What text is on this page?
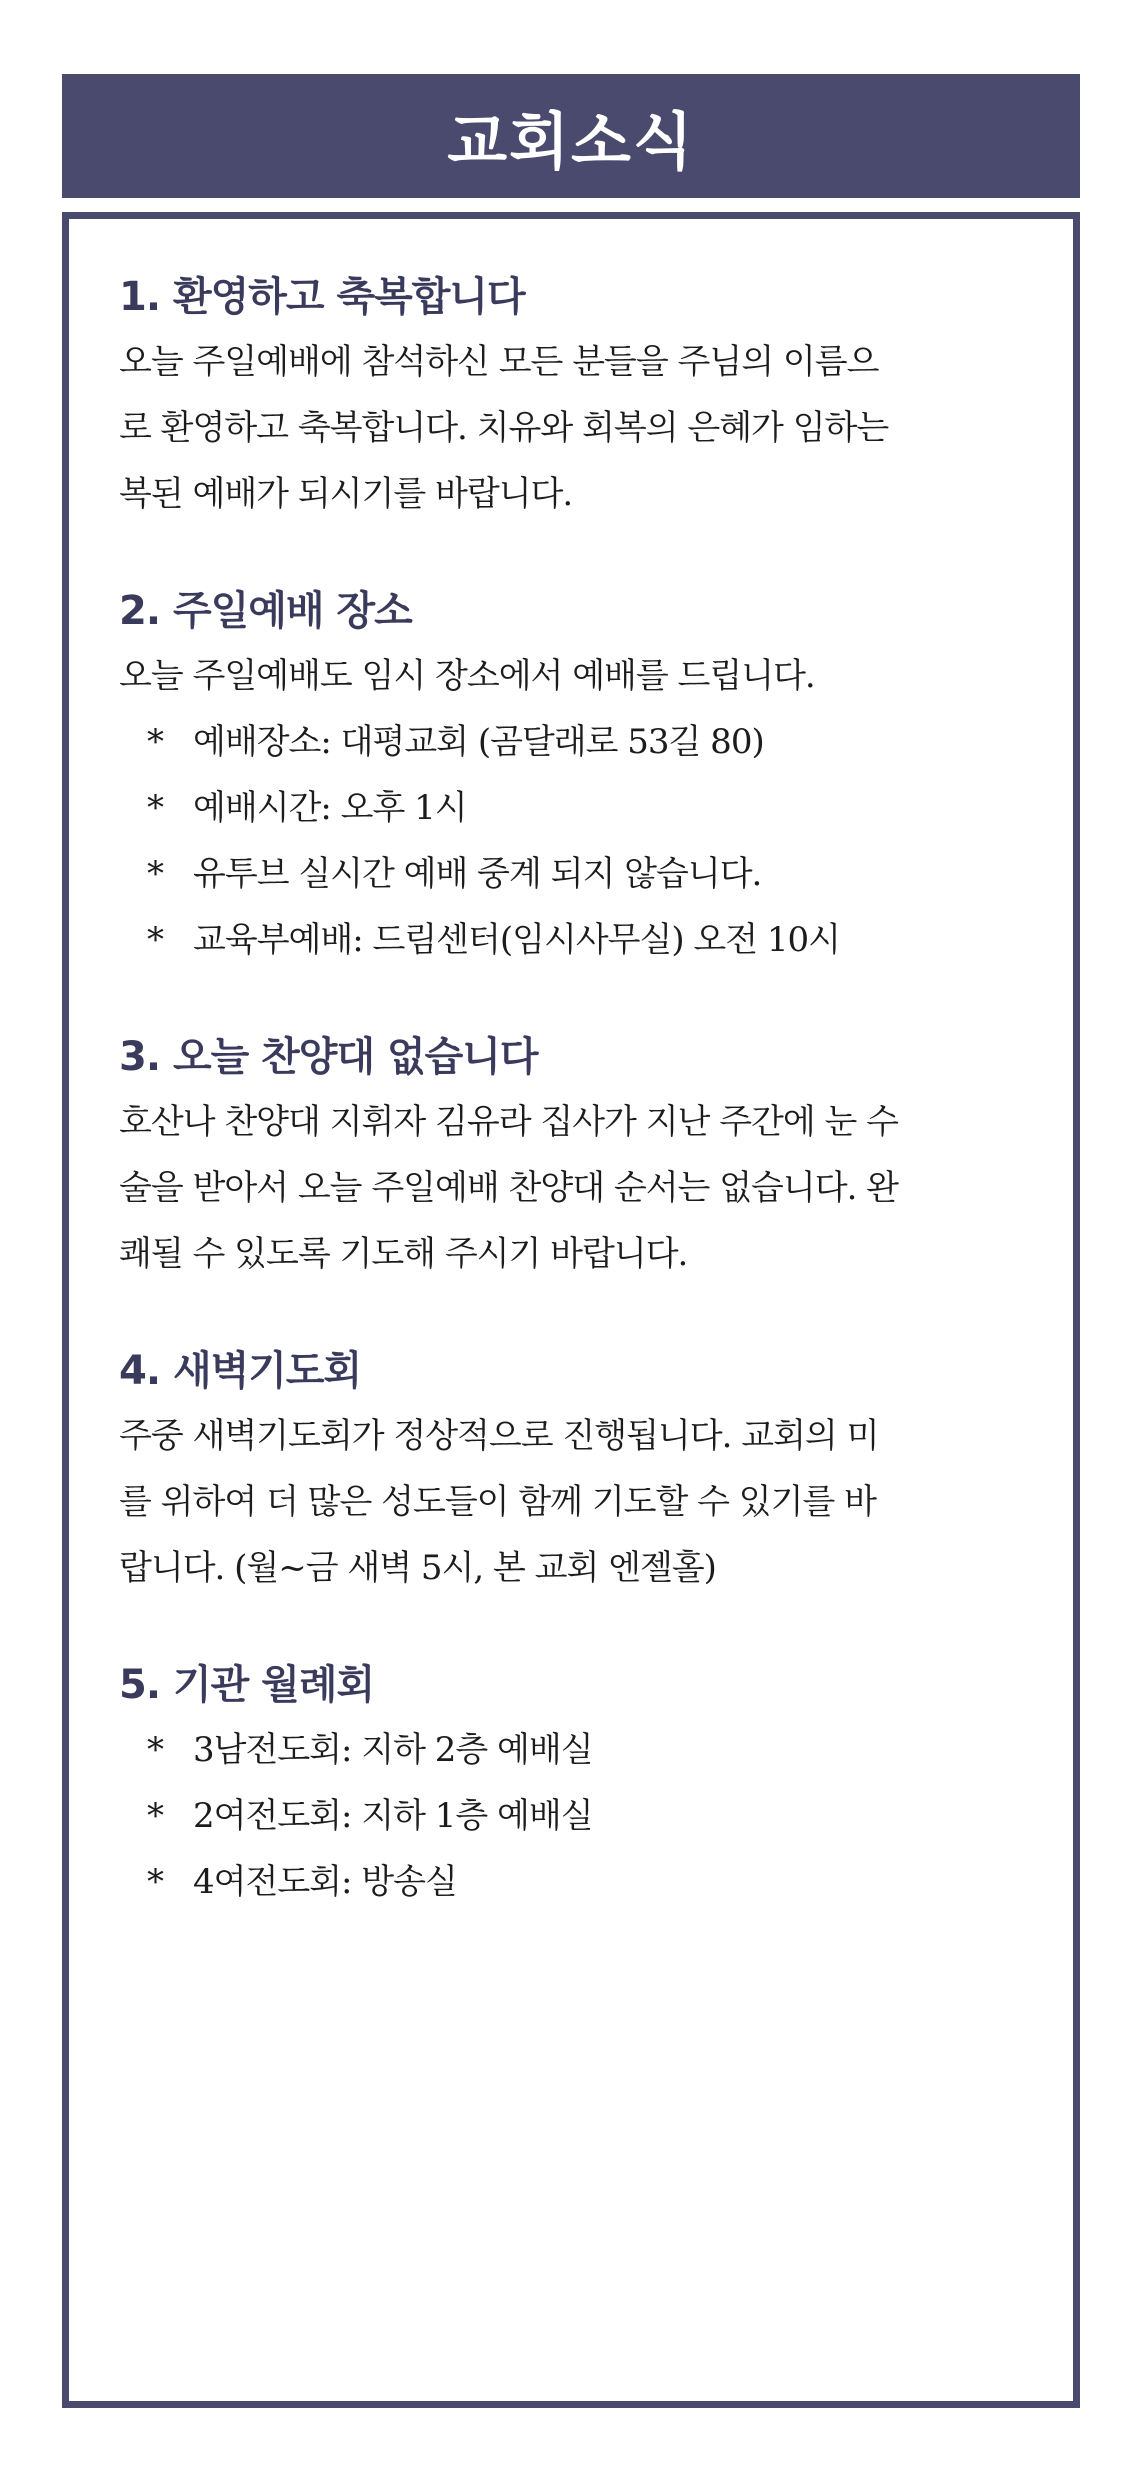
교회소식
1. 환영하고 축복합니다
오늘 주일예배에 참석하신 모든 분들을 주님의 이름으
로 환영하고 축복합니다. 치유와 회복의 은혜가 임하는
복된 예배가 되시기를 바랍니다.
2. 주일예배 장소
오늘 주일예배도 임시 장소에서 예배를 드립니다.
* 예배장소: 대평교회 (곰달래로 53길 80)
* 예배시간: 오후 1시
* 유투브 실시간 예배 중계 되지 않습니다.
* 교육부예배: 드림센터(임시사무실) 오전 10시
3. 오늘 찬양대 없습니다
호산나 찬양대 지휘자 김유라 집사가 지난 주간에 눈 수
술을 받아서 오늘 주일예배 찬양대 순서는 없습니다. 완
쾌될 수 있도록 기도해 주시기 바랍니다.
4. 새벽기도회
주중 새벽기도회가 정상적으로 진행됩니다. 교회의 미
를 위하여 더 많은 성도들이 함께 기도할 수 있기를 바
랍니다. (월~금 새벽 5시, 본 교회 엔젤홀)
5. 기관 월례회
* 3남전도회: 지하 2층 예배실
* 2여전도회: 지하 1층 예배실
* 4여전도회: 방송실
